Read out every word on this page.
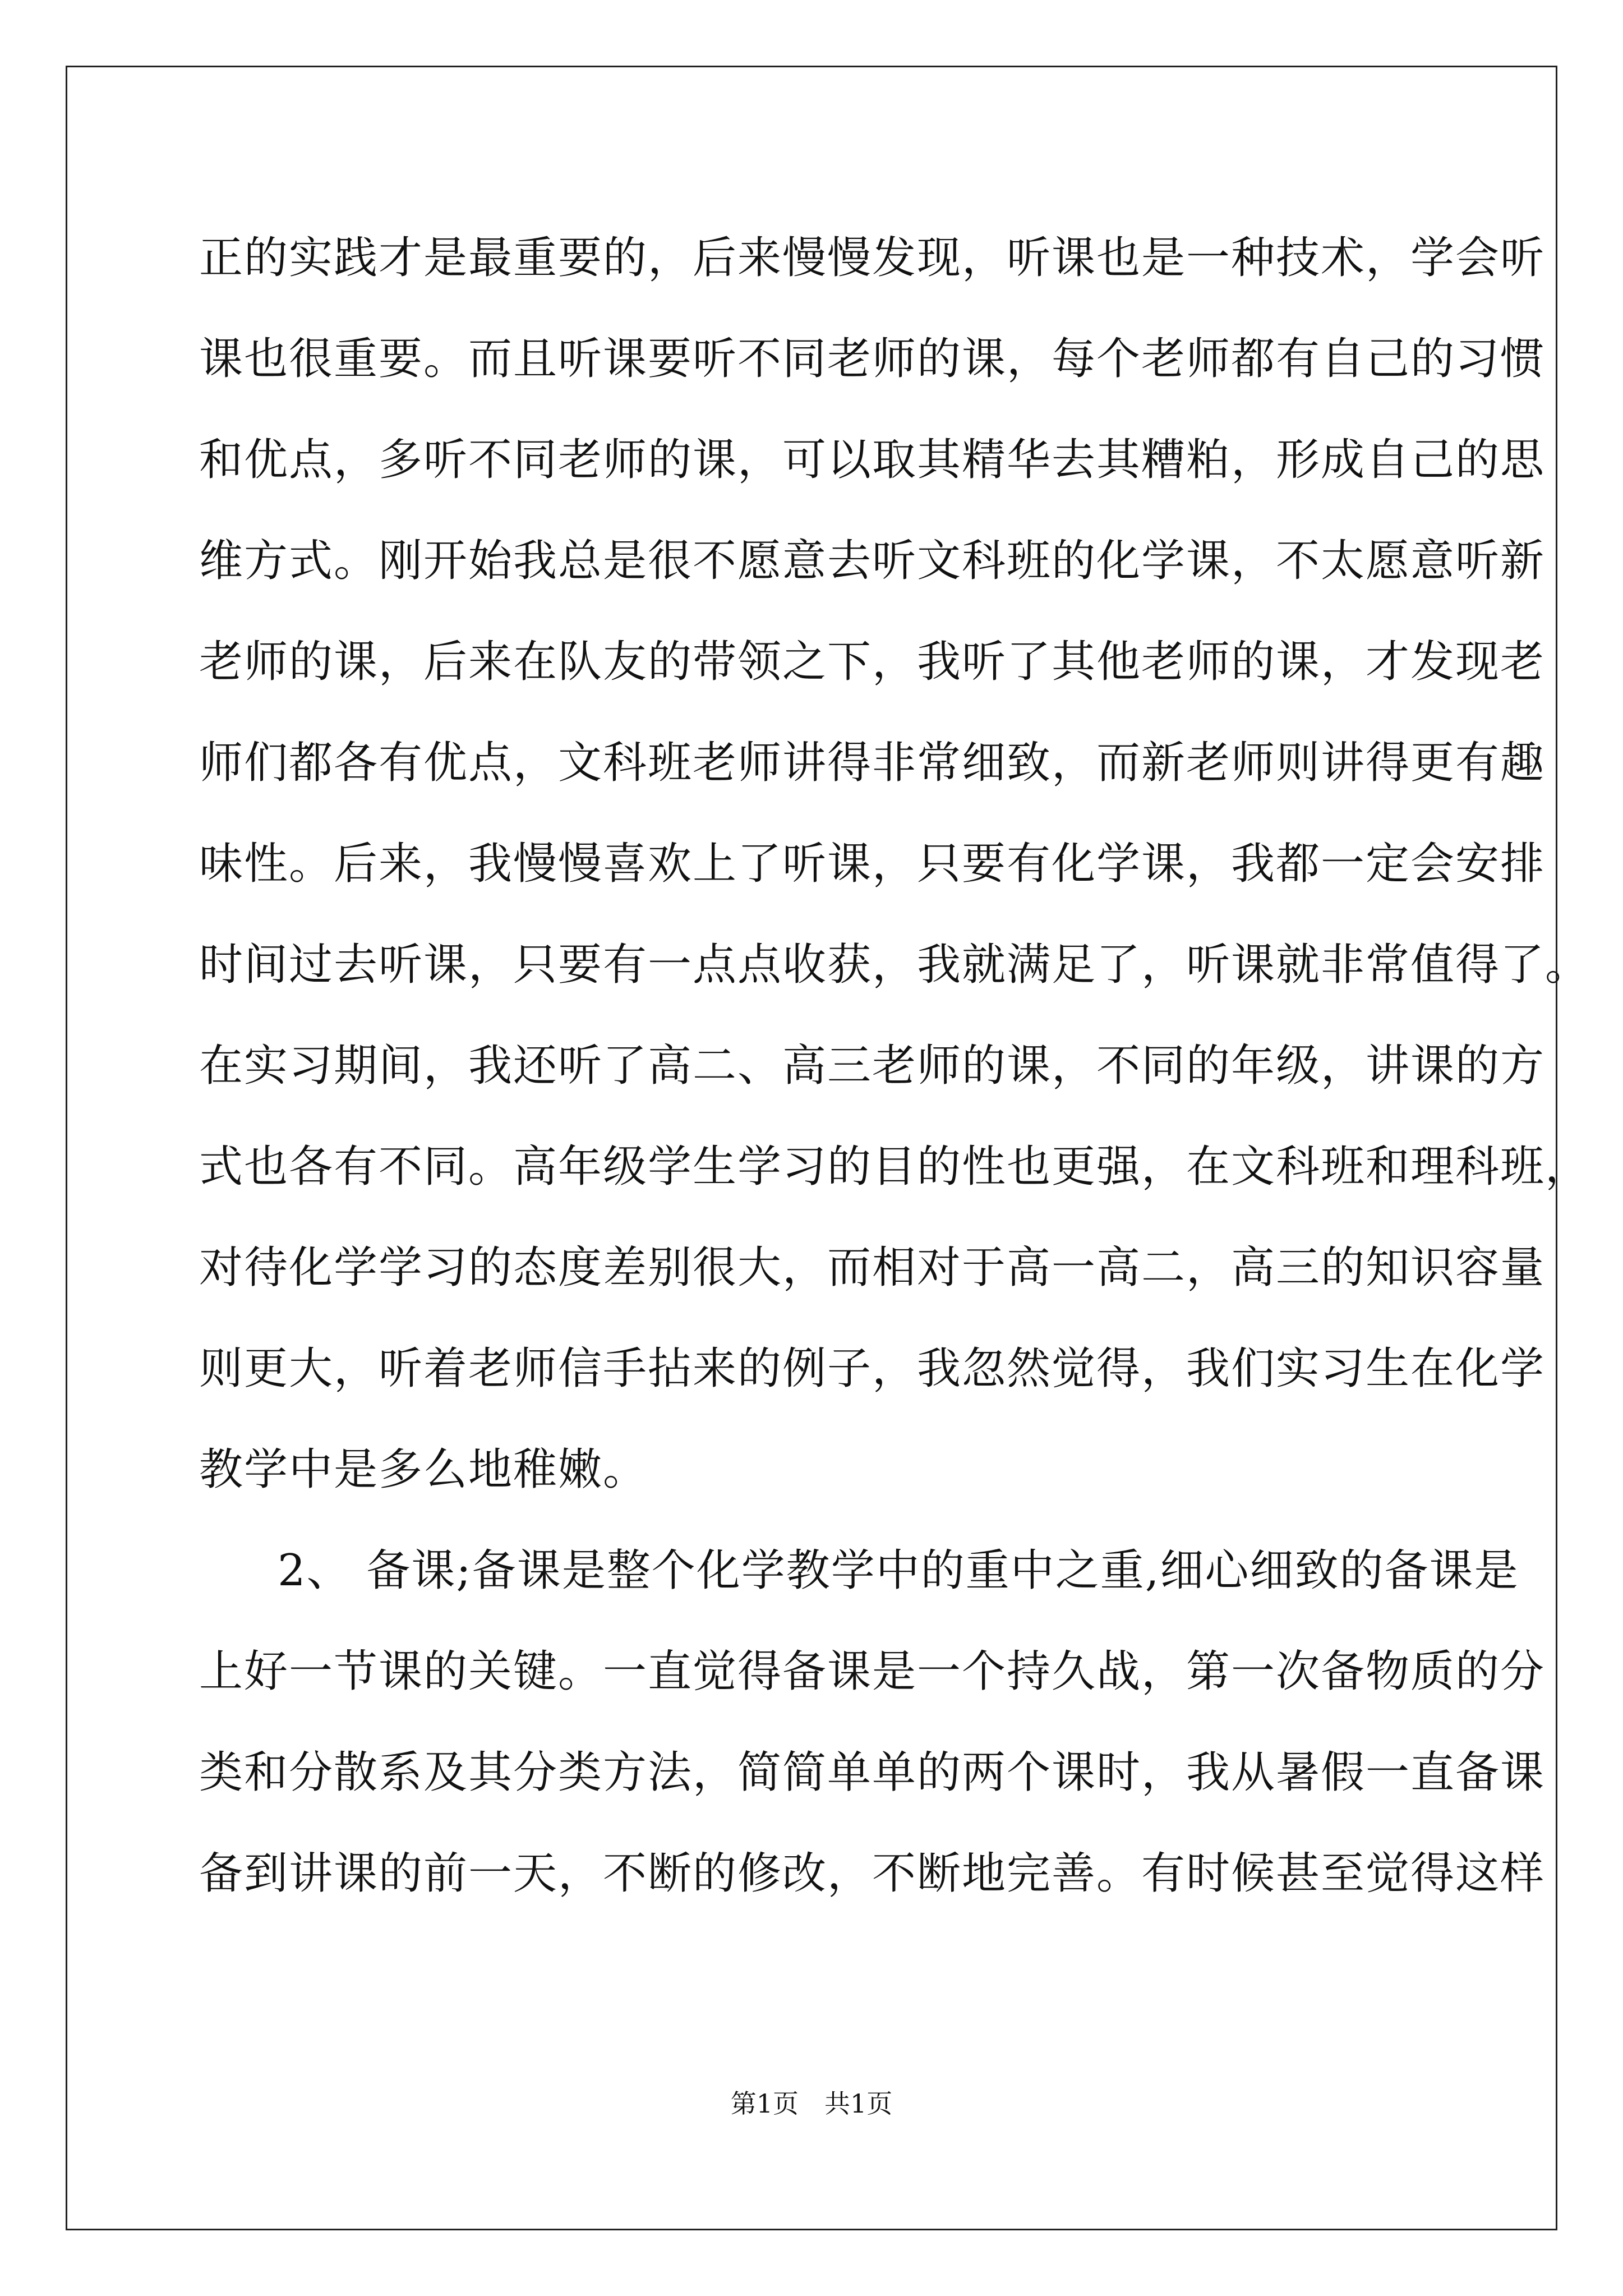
正的实践才是最重要的，后来慢慢发现，听课也是一种技术，学会听
课也很重要。而且听课要听不同老师的课，每个老师都有自己的习惯
和优点，多听不同老师的课，可以取其精华去其糟粕，形成自己的思
维方式。刚开始我总是很不愿意去听文科班的化学课，不太愿意听新
老师的课，后来在队友的带领之下，我听了其他老师的课，才发现老
师们都各有优点，文科班老师讲得非常细致，而新老师则讲得更有趣
味性。后来，我慢慢喜欢上了听课，只要有化学课，我都一定会安排
时间过去听课，只要有一点点收获，我就满足了，听课就非常值得了。
在实习期间，我还听了高二、高三老师的课，不同的年级，讲课的方
式也各有不同。高年级学生学习的目的性也更强，在文科班和理科班，
对待化学学习的态度差别很大，而相对于高一高二，高三的知识容量
则更大，听着老师信手拈来的例子，我忽然觉得，我们实习生在化学
教学中是多么地稚嫩。
2、 备课;备课是整个化学教学中的重中之重,细心细致的备课是
上好一节课的关键。一直觉得备课是一个持久战，第一次备物质的分
类和分散系及其分类方法，简简单单的两个课时，我从暑假一直备课
备到讲课的前一天，不断的修改，不断地完善。有时候甚至觉得这样
第1页　共1页
